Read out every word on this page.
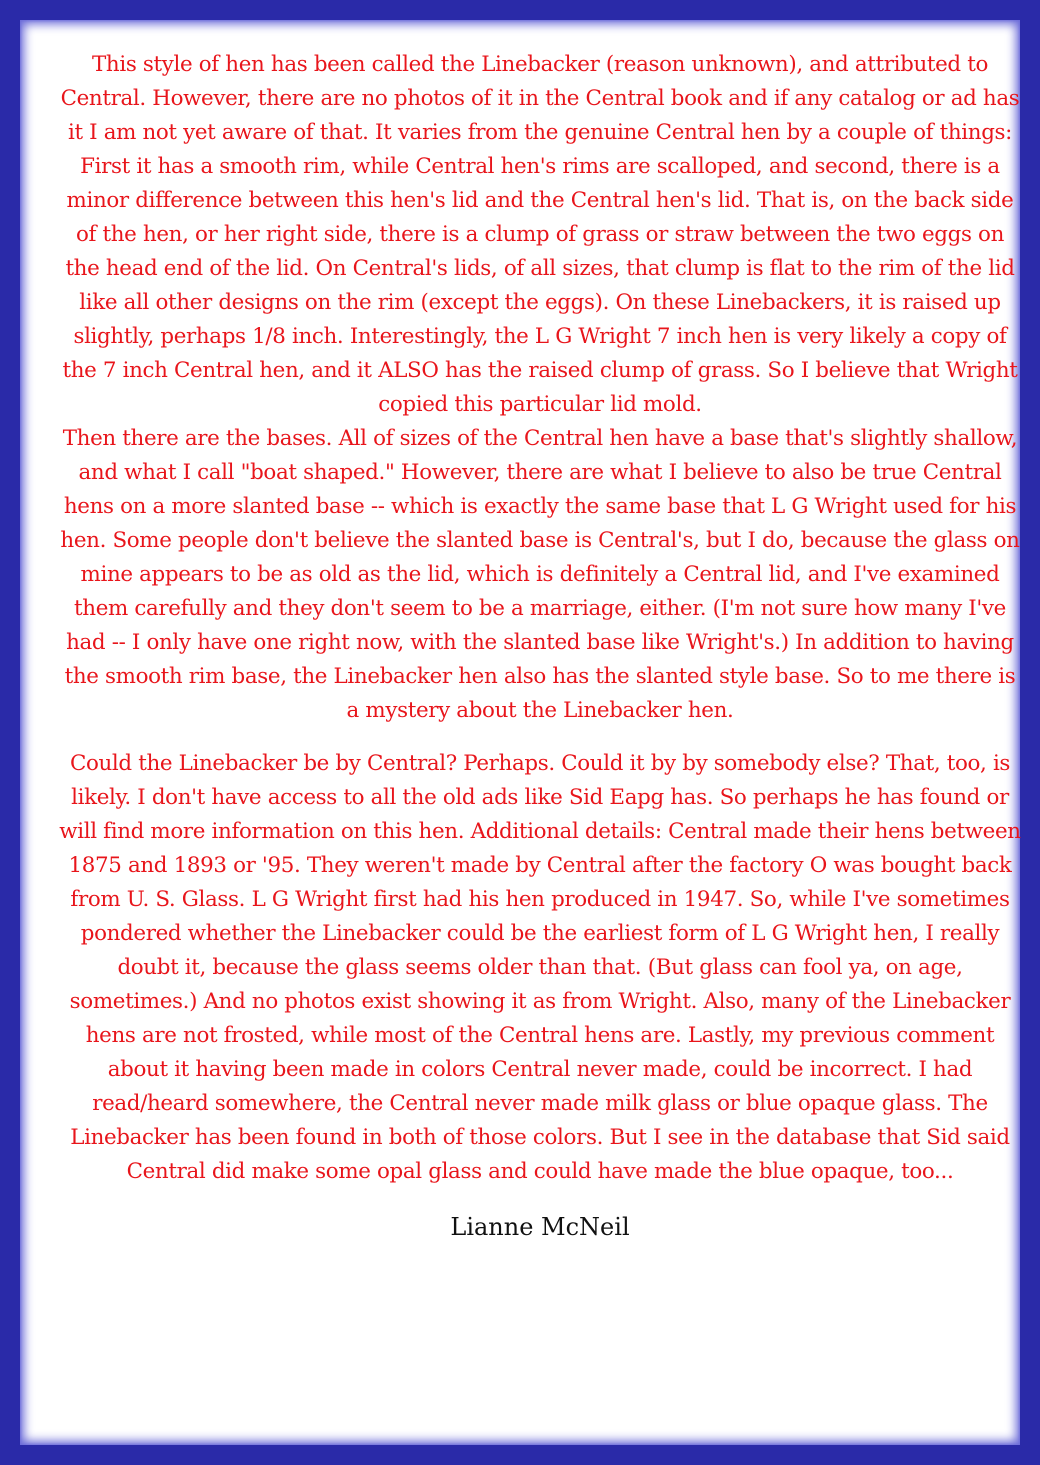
This style of hen has been called the Linebacker (reason unknown), and attributed to Central. However, there are no photos of it in the Central book and if any catalog or ad has it I am not yet aware of that. It varies from the genuine Central hen by a couple of things: First it has a smooth rim, while Central hen's rims are scalloped, and second, there is a minor difference between this hen's lid and the Central hen's lid. That is, on the back side of the hen, or her right side, there is a clump of grass or straw between the two eggs on the head end of the lid. On Central's lids, of all sizes, that clump is flat to the rim of the lid like all other designs on the rim (except the eggs). On these Linebackers, it is raised up slightly, perhaps 1/8 inch. Interestingly, the L G Wright 7 inch hen is very likely a copy of the 7 inch Central hen, and it ALSO has the raised clump of grass. So I believe that Wright copied this particular lid mold.

Then there are the bases. All of sizes of the Central hen have a base that's slightly shallow, and what I call "boat shaped." However, there are what I believe to also be true Central hens on a more slanted base -- which is exactly the same base that L G Wright used for his hen. Some people don't believe the slanted base is Central's, but I do, because the glass on mine appears to be as old as the lid, which is definitely a Central lid, and I've examined them carefully and they don't seem to be a marriage, either. (I'm not sure how many I've had -- I only have one right now, with the slanted base like Wright's.) In addition to having the smooth rim base, the Linebacker hen also has the slanted style base. So to me there is a mystery about the Linebacker hen.

Could the Linebacker be by Central? Perhaps. Could it by by somebody else? That, too, is likely. I don't have access to all the old ads like Sid Eapg has. So perhaps he has found or will find more information on this hen. Additional details: Central made their hens between 1875 and 1893 or '95. They weren't made by Central after the factory O was bought back from U. S. Glass. L G Wright first had his hen produced in 1947. So, while I've sometimes pondered whether the Linebacker could be the earliest form of L G Wright hen, I really doubt it, because the glass seems older than that. (But glass can fool ya, on age, sometimes.) And no photos exist showing it as from Wright. Also, many of the Linebacker hens are not frosted, while most of the Central hens are. Lastly, my previous comment about it having been made in colors Central never made, could be incorrect. I had read/heard somewhere, the Central never made milk glass or blue opaque glass. The Linebacker has been found in both of those colors. But I see in the database that Sid said Central did make some opal glass and could have made the blue opaque, too...

Lianne McNeil
